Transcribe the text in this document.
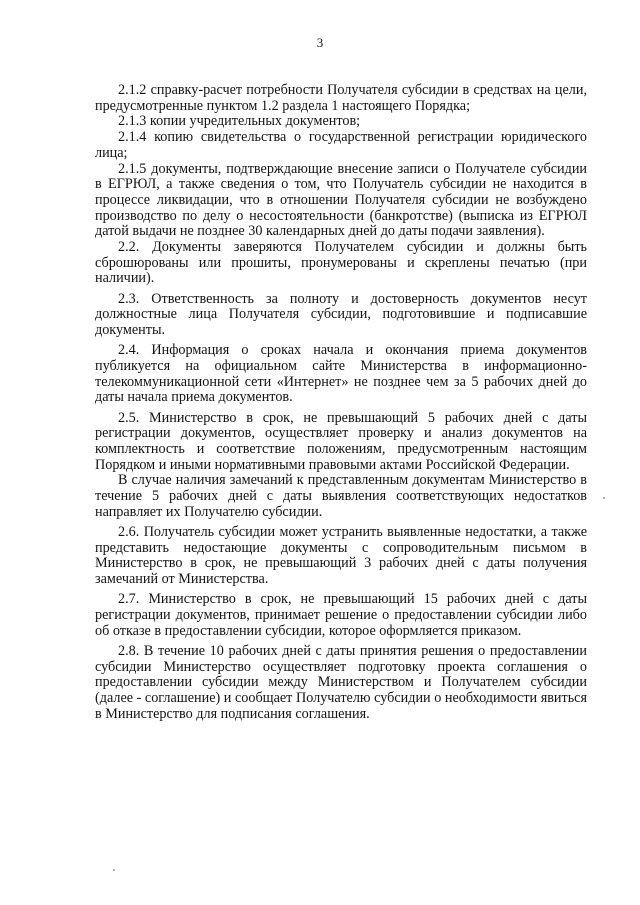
3

2.1.2 справку-расчет потребности Получателя субсидии в средствах на цели, предусмотренные пунктом 1.2 раздела 1 настоящего Порядка;

2.1.3 копии учредительных документов;

2.1.4 копию свидетельства о государственной регистрации юридического лица;

2.1.5 документы, подтверждающие внесение записи о Получателе субсидии в ЕГРЮЛ, а также сведения о том, что Получатель субсидии не находится в процессе ликвидации, что в отношении Получателя субсидии не возбуждено производство по делу о несостоятельности (банкротстве) (выписка из ЕГРЮЛ датой выдачи не позднее 30 календарных дней до даты подачи заявления).

2.2. Документы заверяются Получателем субсидии и должны быть сброшюрованы или прошиты, пронумерованы и скреплены печатью (при наличии).

2.3. Ответственность за полноту и достоверность документов несут должностные лица Получателя субсидии, подготовившие и подписавшие документы.

2.4. Информация о сроках начала и окончания приема документов публикуется на официальном сайте Министерства в информационно-телекоммуникационной сети «Интернет» не позднее чем за 5 рабочих дней до даты начала приема документов.

2.5. Министерство в срок, не превышающий 5 рабочих дней с даты регистрации документов, осуществляет проверку и анализ документов на комплектность и соответствие положениям, предусмотренным настоящим Порядком и иными нормативными правовыми актами Российской Федерации.

В случае наличия замечаний к представленным документам Министерство в течение 5 рабочих дней с даты выявления соответствующих недостатков направляет их Получателю субсидии.

2.6. Получатель субсидии может устранить выявленные недостатки, а также представить недостающие документы с сопроводительным письмом в Министерство в срок, не превышающий 3 рабочих дней с даты получения замечаний от Министерства.

2.7. Министерство в срок, не превышающий 15 рабочих дней с даты регистрации документов, принимает решение о предоставлении субсидии либо об отказе в предоставлении субсидии, которое оформляется приказом.

2.8. В течение 10 рабочих дней с даты принятия решения о предоставлении субсидии Министерство осуществляет подготовку проекта соглашения о предоставлении субсидии между Министерством и Получателем субсидии (далее - соглашение) и сообщает Получателю субсидии о необходимости явиться в Министерство для подписания соглашения.
